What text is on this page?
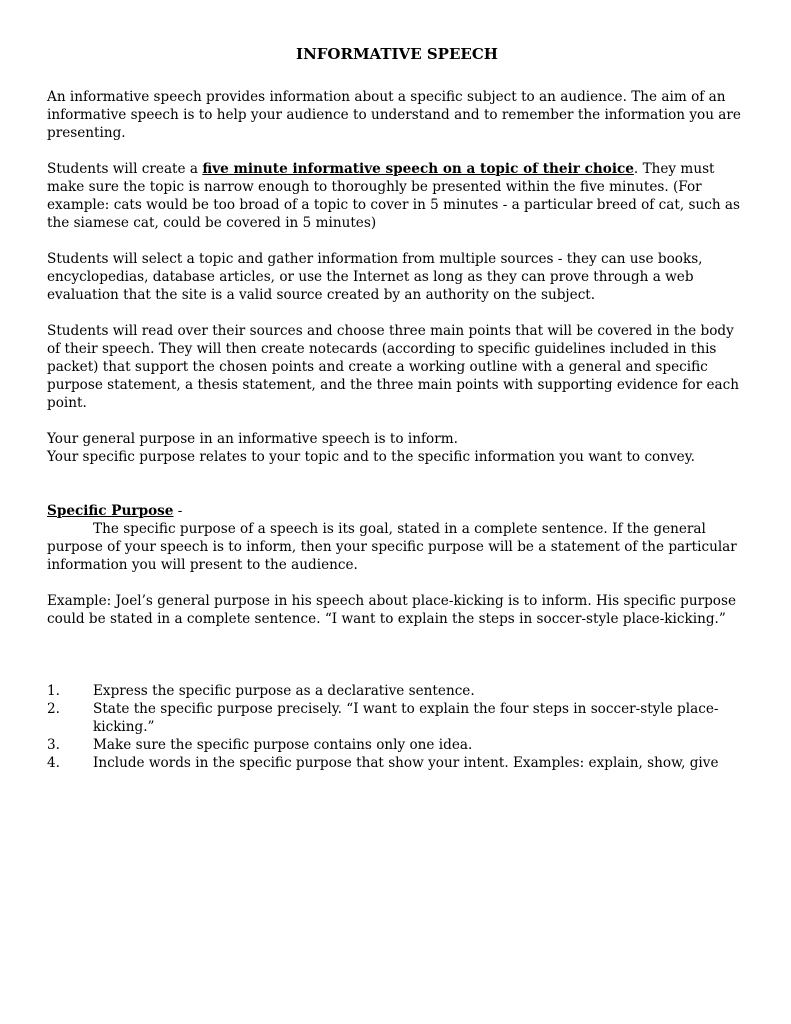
INFORMATIVE SPEECH

An informative speech provides information about a specific subject to an audience. The aim of an informative speech is to help your audience to understand and to remember the information you are presenting.

Students will create a five minute informative speech on a topic of their choice. They must make sure the topic is narrow enough to thoroughly be presented within the five minutes. (For example: cats would be too broad of a topic to cover in 5 minutes - a particular breed of cat, such as the siamese cat, could be covered in 5 minutes)

Students will select a topic and gather information from multiple sources - they can use books, encyclopedias, database articles, or use the Internet as long as they can prove through a web evaluation that the site is a valid source created by an authority on the subject.

Students will read over their sources and choose three main points that will be covered in the body of their speech. They will then create notecards (according to specific guidelines included in this packet) that support the chosen points and create a working outline with a general and specific purpose statement, a thesis statement, and the three main points with supporting evidence for each point.

Your general purpose in an informative speech is to inform.
Your specific purpose relates to your topic and to the specific information you want to convey.
Specific Purpose -

The specific purpose of a speech is its goal, stated in a complete sentence. If the general purpose of your speech is to inform, then your specific purpose will be a statement of the particular information you will present to the audience.

Example: Joel’s general purpose in his speech about place-kicking is to inform. His specific purpose could be stated in a complete sentence. “I want to explain the steps in soccer-style place-kicking.”

1. Express the specific purpose as a declarative sentence.
2. State the specific purpose precisely. “I want to explain the four steps in soccer-style place-kicking.”
3. Make sure the specific purpose contains only one idea.
4. Include words in the specific purpose that show your intent. Examples: explain, show, give
